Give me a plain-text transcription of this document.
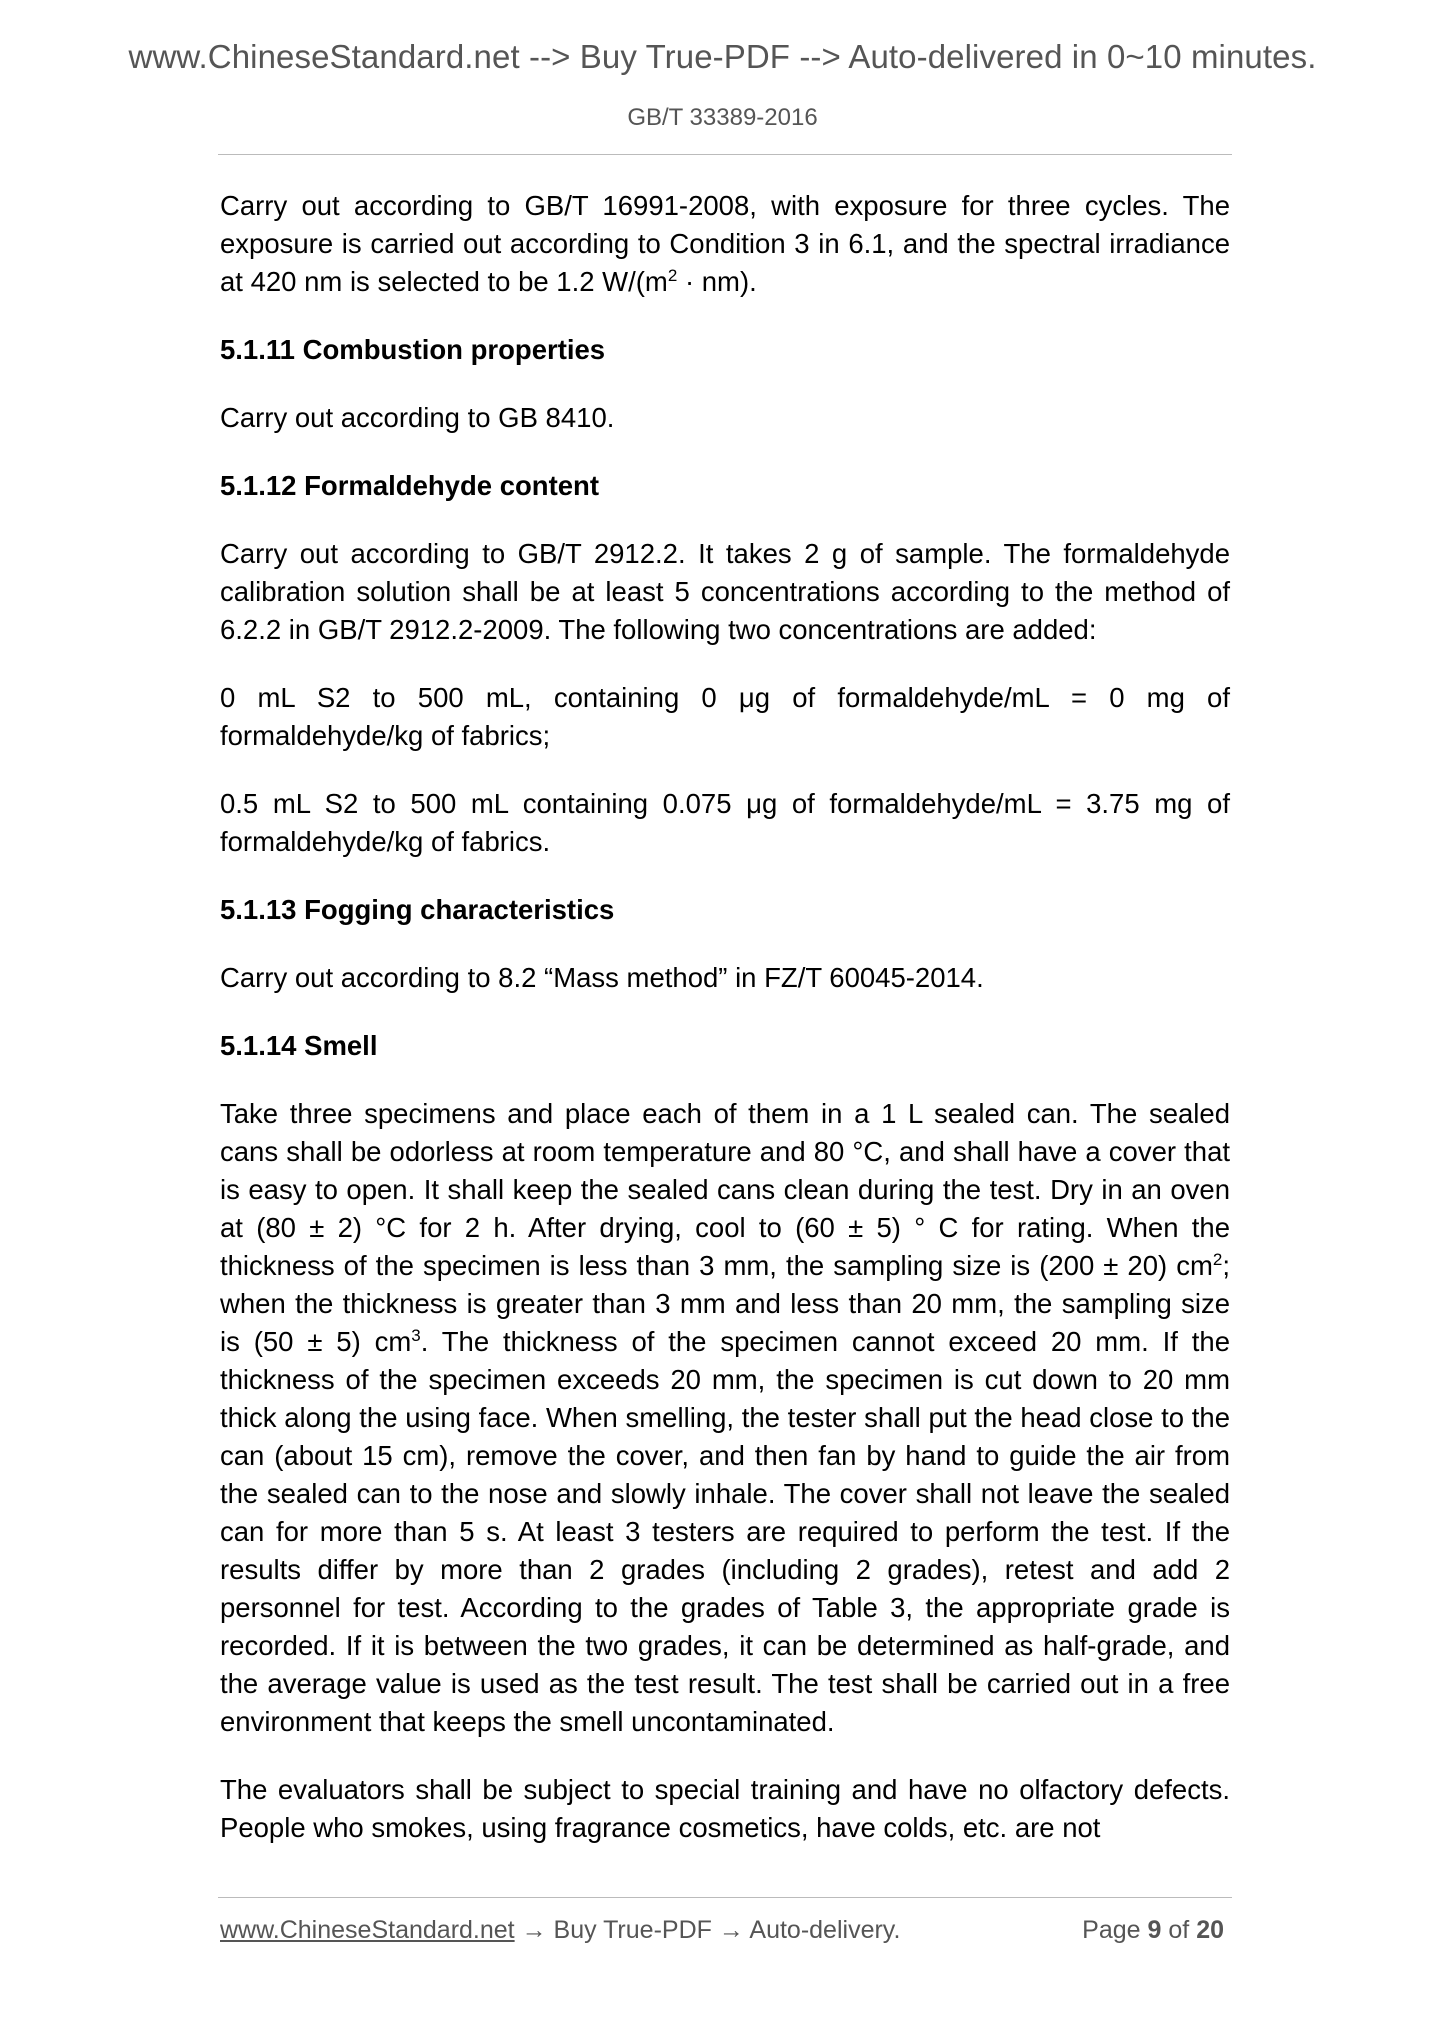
www.ChineseStandard.net --> Buy True-PDF --> Auto-delivered in 0~10 minutes.
GB/T 33389-2016

Carry out according to GB/T 16991-2008, with exposure for three cycles. The exposure is carried out according to Condition 3 in 6.1, and the spectral irradiance at 420 nm is selected to be 1.2 $W/(m^2 \cdot nm)$.

5.1.11 Combustion properties

Carry out according to GB 8410.

5.1.12 Formaldehyde content

Carry out according to GB/T 2912.2. It takes 2 g of sample. The formaldehyde calibration solution shall be at least 5 concentrations according to the method of 6.2.2 in GB/T 2912.2-2009. The following two concentrations are added:

0 mL S2 to 500 mL, containing 0 μg of formaldehyde/mL = 0 mg of formaldehyde/kg of fabrics;

0.5 mL S2 to 500 mL containing 0.075 μg of formaldehyde/mL = 3.75 mg of formaldehyde/kg of fabrics.

5.1.13 Fogging characteristics

Carry out according to 8.2 “Mass method” in FZ/T 60045-2014.

5.1.14 Smell

Take three specimens and place each of them in a 1 L sealed can. The sealed cans shall be odorless at room temperature and 80 °C, and shall have a cover that is easy to open. It shall keep the sealed cans clean during the test. Dry in an oven at (80 ± 2) °C for 2 h. After drying, cool to (60 ± 5) ° C for rating. When the thickness of the specimen is less than 3 mm, the sampling size is (200 ± 20) $cm^2$; when the thickness is greater than 3 mm and less than 20 mm, the sampling size is (50 ± 5) $cm^3$. The thickness of the specimen cannot exceed 20 mm. If the thickness of the specimen exceeds 20 mm, the specimen is cut down to 20 mm thick along the using face. When smelling, the tester shall put the head close to the can (about 15 cm), remove the cover, and then fan by hand to guide the air from the sealed can to the nose and slowly inhale. The cover shall not leave the sealed can for more than 5 s. At least 3 testers are required to perform the test. If the results differ by more than 2 grades (including 2 grades), retest and add 2 personnel for test. According to the grades of Table 3, the appropriate grade is recorded. If it is between the two grades, it can be determined as half-grade, and the average value is used as the test result. The test shall be carried out in a free environment that keeps the smell uncontaminated.

The evaluators shall be subject to special training and have no olfactory defects. People who smokes, using fragrance cosmetics, have colds, etc. are not

www.ChineseStandard.net → Buy True-PDF → Auto-delivery.	Page 9 of 20
